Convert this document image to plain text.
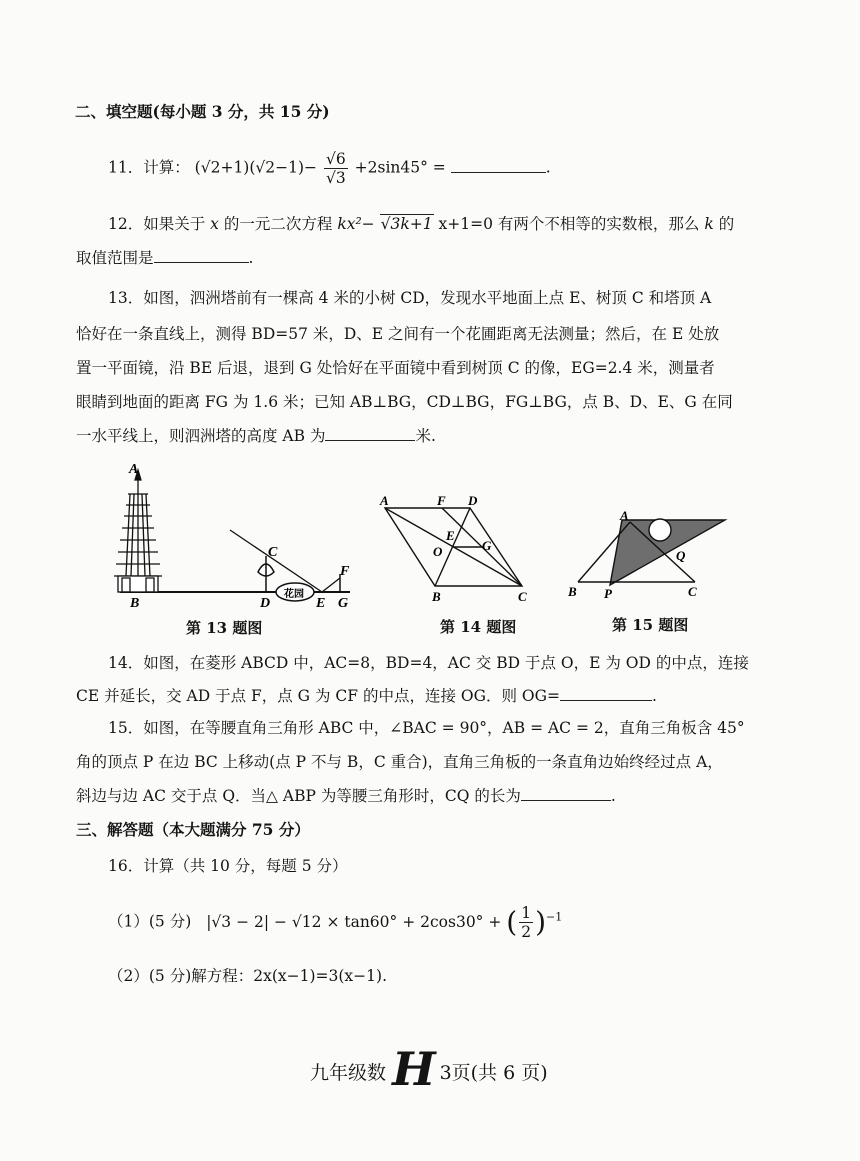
二、填空题(每小题 3 分，共 15 分)
11．计算： $(√2+1)(√2-1)- \frac{√6}{√3} +2\sin 45^\circ$ =	.
12．如果关于 x 的一元二次方程 kx²− √3k+1 x+1=0 有两个不相等的实数根，那么 k 的
取值范围是	.
13．如图，泗洲塔前有一棵高 4 米的小树 CD，发现水平地面上点 E、树顶 C 和塔顶 A
恰好在一条直线上，测得 BD=57 米，D、E 之间有一个花圃距离无法测量；然后，在 E 处放
置一平面镜，沿 BE 后退，退到 G 处恰好在平面镜中看到树顶 C 的像，EG=2.4 米，测量者
眼睛到地面的距离 FG 为 1.6 米；已知 AB⊥BG，CD⊥BG，FG⊥BG，点 B、D、E、G 在同
一水平线上，则泗洲塔的高度 AB 为	米.
A
B
C
D
花园
E
F
G
第 13 题图
A	F D
E
O	G
B	C
第 14 题图
A
Q
B P	C
第 15 题图
14．如图，在菱形 ABCD 中，AC=8，BD=4，AC 交 BD 于点 O，E 为 OD 的中点，连接
CE 并延长，交 AD 于点 F，点 G 为 CF 的中点，连接 OG．则 OG=	.
15．如图，在等腰直角三角形 ABC 中，∠BAC = 90°，AB = AC = 2，直角三角板含 45°
角的顶点 P 在边 BC 上移动(点 P 不与 B，C 重合)，直角三角板的一条直角边始终经过点 A，
斜边与边 AC 交于点 Q．当△ ABP 为等腰三角形时，CQ 的长为	.
三、解答题（本大题满分 75 分）
16．计算（共 10 分，每题 5 分）
（1）(5 分) |√3 − 2| − √12 × tan60° + 2cos30° + ( $\frac{1}{2} )^{-1}$
（2）(5 分)解方程：2x(x−1)=3(x−1).
九年级数 H 3页(共 6 页)
